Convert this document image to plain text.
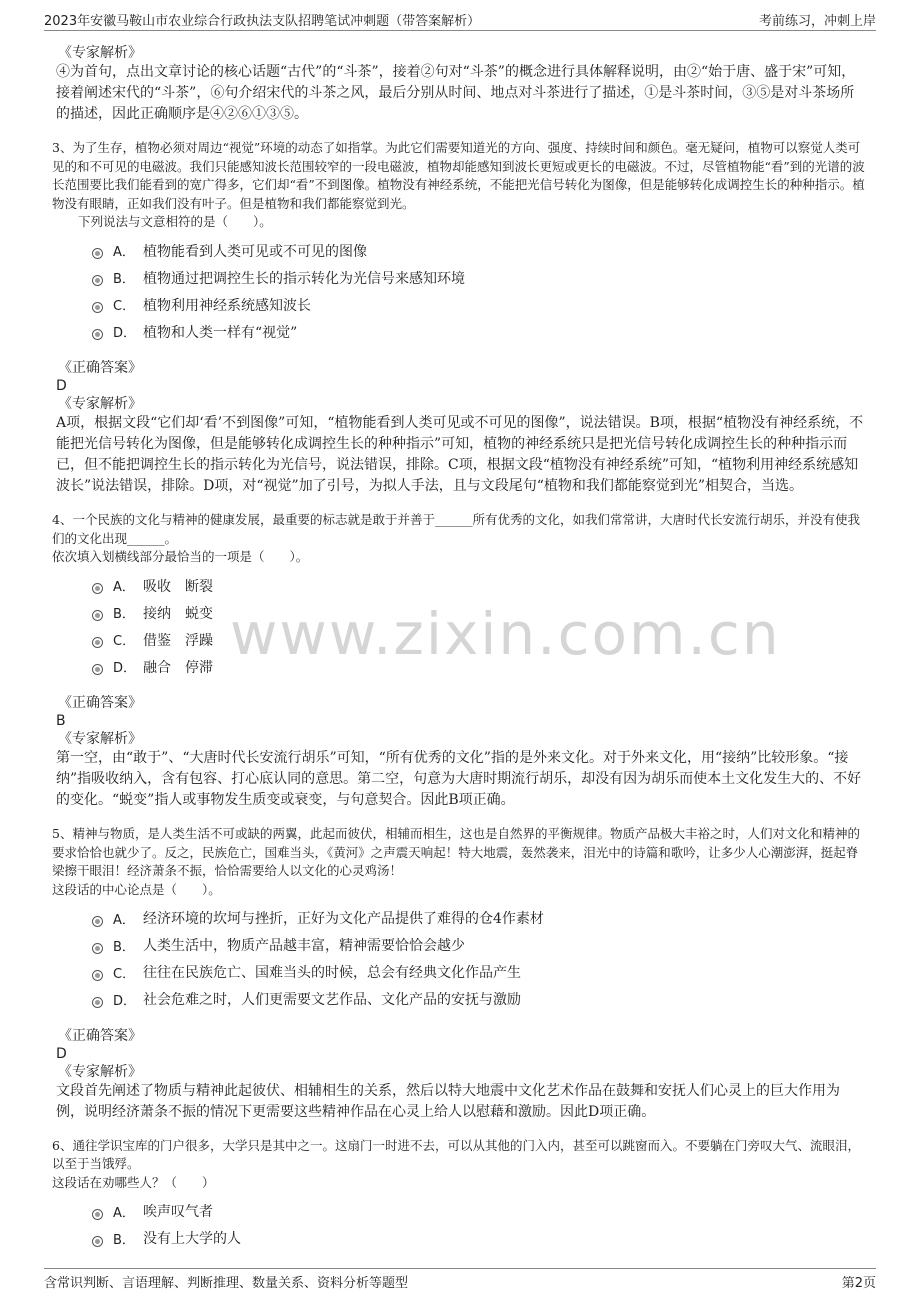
2023年安徽马鞍山市农业综合行政执法支队招聘笔试冲刺题（带答案解析）	考前练习，冲刺上岸
www.zixin.com.cn
《专家解析》

④为首句，点出文章讨论的核心话题“古代”的“斗茶”，接着②句对“斗茶”的概念进行具体解释说明，由②“始于唐、盛于宋”可知，接着阐述宋代的“斗茶”，⑥句介绍宋代的斗茶之风，最后分别从时间、地点对斗茶进行了描述，①是斗茶时间，③⑤是对斗茶场所的描述，因此正确顺序是④②⑥①③⑤。

3、为了生存，植物必须对周边“视觉”环境的动态了如指掌。为此它们需要知道光的方向、强度、持续时间和颜色。毫无疑问，植物可以察觉人类可见的和不可见的电磁波。我们只能感知波长范围较窄的一段电磁波，植物却能感知到波长更短或更长的电磁波。不过，尽管植物能“看”到的光谱的波长范围要比我们能看到的宽广得多，它们却“看”不到图像。植物没有神经系统，不能把光信号转化为图像，但是能够转化成调控生长的种种指示。植物没有眼睛，正如我们没有叶子。但是植物和我们都能察觉到光。

下列说法与文意相符的是（　　）。

A． 植物能看到人类可见或不可见的图像
B． 植物通过把调控生长的指示转化为光信号来感知环境
C． 植物利用神经系统感知波长
D． 植物和人类一样有“视觉”
《正确答案》
D
《专家解析》

A项，根据文段“它们却‘看’不到图像”可知，“植物能看到人类可见或不可见的图像”，说法错误。B项，根据“植物没有神经系统，不能把光信号转化为图像，但是能够转化成调控生长的种种指示”可知，植物的神经系统只是把光信号转化成调控生长的种种指示而已，但不能把调控生长的指示转化为光信号，说法错误，排除。C项，根据文段“植物没有神经系统”可知，“植物利用神经系统感知波长”说法错误，排除。D项，对“视觉”加了引号，为拟人手法，且与文段尾句“植物和我们都能察觉到光”相契合，当选。

4、一个民族的文化与精神的健康发展，最重要的标志就是敢于并善于______所有优秀的文化，如我们常常讲，大唐时代长安流行胡乐，并没有使我们的文化出现______。

依次填入划横线部分最恰当的一项是（　　）。

A． 吸收　断裂
B． 接纳　蜕变
C． 借鉴　浮躁
D． 融合　停滞
《正确答案》
B
《专家解析》

第一空，由“敢于”、“大唐时代长安流行胡乐”可知，“所有优秀的文化”指的是外来文化。对于外来文化，用“接纳”比较形象。“接纳”指吸收纳入，含有包容、打心底认同的意思。第二空，句意为大唐时期流行胡乐，却没有因为胡乐而使本土文化发生大的、不好的变化。“蜕变”指人或事物发生质变或衰变，与句意契合。因此B项正确。

5、精神与物质，是人类生活不可或缺的两翼，此起而彼伏，相辅而相生，这也是自然界的平衡规律。物质产品极大丰裕之时，人们对文化和精神的要求恰恰也就少了。反之，民族危亡，国难当头，《黄河》之声震天响起！特大地震，轰然袭来，泪光中的诗篇和歌吟，让多少人心潮澎湃，挺起脊梁擦干眼泪！经济萧条不振，恰恰需要给人以文化的心灵鸡汤！

这段话的中心论点是（　　）。

A． 经济环境的坎坷与挫折，正好为文化产品提供了难得的仓4作素材
B． 人类生活中，物质产品越丰富，精神需要恰恰会越少
C． 往往在民族危亡、国难当头的时候，总会有经典文化作品产生
D． 社会危难之时，人们更需要文艺作品、文化产品的安抚与激励
《正确答案》
D
《专家解析》

文段首先阐述了物质与精神此起彼伏、相辅相生的关系，然后以特大地震中文化艺术作品在鼓舞和安抚人们心灵上的巨大作用为例，说明经济萧条不振的情况下更需要这些精神作品在心灵上给人以慰藉和激励。因此D项正确。

6、通往学识宝库的门户很多，大学只是其中之一。这扇门一时进不去，可以从其他的门入内，甚至可以跳窗而入。不要躺在门旁叹大气、流眼泪，以至于当饿殍。

这段话在劝哪些人？（　　）

A． 唉声叹气者
B． 没有上大学的人
含常识判断、言语理解、判断推理、数量关系、资料分析等题型	第2页
